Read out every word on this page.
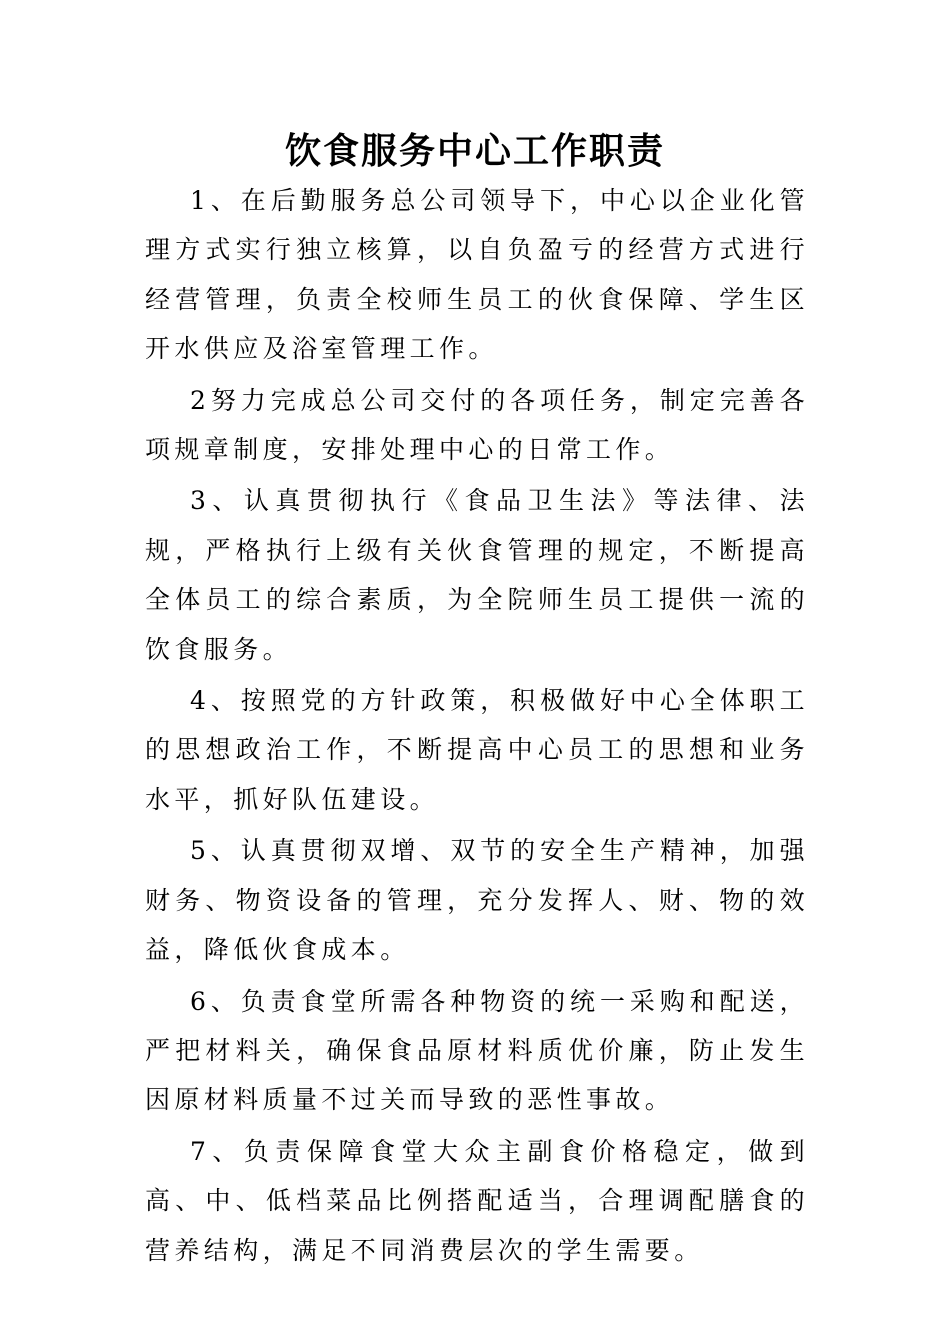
饮食服务中心工作职责

1、在后勤服务总公司领导下，中心以企业化管理方式实行独立核算，以自负盈亏的经营方式进行经营管理，负责全校师生员工的伙食保障、学生区开水供应及浴室管理工作。

2努力完成总公司交付的各项任务，制定完善各项规章制度，安排处理中心的日常工作。

3、认真贯彻执行《食品卫生法》等法律、法规，严格执行上级有关伙食管理的规定，不断提高全体员工的综合素质，为全院师生员工提供一流的饮食服务。

4、按照党的方针政策，积极做好中心全体职工的思想政治工作，不断提高中心员工的思想和业务水平，抓好队伍建设。

5、认真贯彻双增、双节的安全生产精神，加强财务、物资设备的管理，充分发挥人、财、物的效益，降低伙食成本。

6、负责食堂所需各种物资的统一采购和配送，严把材料关，确保食品原材料质优价廉，防止发生因原材料质量不过关而导致的恶性事故。

7、负责保障食堂大众主副食价格稳定，做到高、中、低档菜品比例搭配适当，合理调配膳食的营养结构，满足不同消费层次的学生需要。
